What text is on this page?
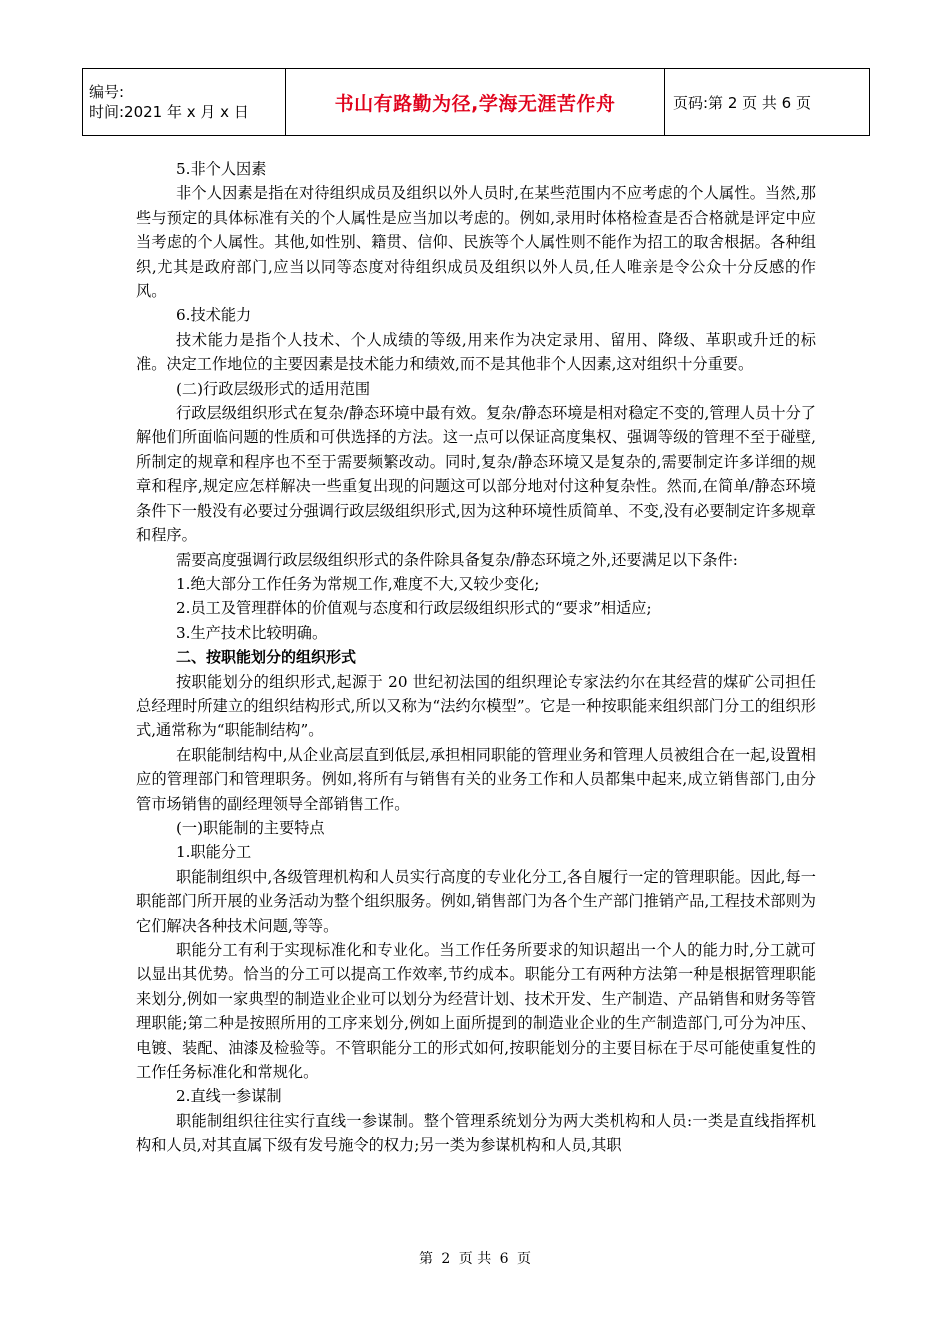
编号:
时间:2021 年 x 月 x 日	书山有路勤为径,学海无涯苦作舟	页码:第 2 页 共 6 页

5.非个人因素

非个人因素是指在对待组织成员及组织以外人员时,在某些范围内不应考虑的个人属性。当然,那些与预定的具体标准有关的个人属性是应当加以考虑的。例如,录用时体格检查是否合格就是评定中应当考虑的个人属性。其他,如性别、籍贯、信仰、民族等个人属性则不能作为招工的取舍根据。各种组织,尤其是政府部门,应当以同等态度对待组织成员及组织以外人员,任人唯亲是令公众十分反感的作风。

6.技术能力

技术能力是指个人技术、个人成绩的等级,用来作为决定录用、留用、降级、革职或升迁的标准。决定工作地位的主要因素是技术能力和绩效,而不是其他非个人因素,这对组织十分重要。

(二)行政层级形式的适用范围

行政层级组织形式在复杂/静态环境中最有效。复杂/静态环境是相对稳定不变的,管理人员十分了解他们所面临问题的性质和可供选择的方法。这一点可以保证高度集权、强调等级的管理不至于碰壁,所制定的规章和程序也不至于需要频繁改动。同时,复杂/静态环境又是复杂的,需要制定许多详细的规章和程序,规定应怎样解决一些重复出现的问题这可以部分地对付这种复杂性。然而,在简单/静态环境条件下一般没有必要过分强调行政层级组织形式,因为这种环境性质简单、不变,没有必要制定许多规章和程序。

需要高度强调行政层级组织形式的条件除具备复杂/静态环境之外,还要满足以下条件:

1.绝大部分工作任务为常规工作,难度不大,又较少变化;

2.员工及管理群体的价值观与态度和行政层级组织形式的“要求”相适应;

3.生产技术比较明确。

二、按职能划分的组织形式

按职能划分的组织形式,起源于 20 世纪初法国的组织理论专家法约尔在其经营的煤矿公司担任总经理时所建立的组织结构形式,所以又称为“法约尔模型”。它是一种按职能来组织部门分工的组织形式,通常称为“职能制结构”。

在职能制结构中,从企业高层直到低层,承担相同职能的管理业务和管理人员被组合在一起,设置相应的管理部门和管理职务。例如,将所有与销售有关的业务工作和人员都集中起来,成立销售部门,由分管市场销售的副经理领导全部销售工作。

(一)职能制的主要特点

1.职能分工

职能制组织中,各级管理机构和人员实行高度的专业化分工,各自履行一定的管理职能。因此,每一职能部门所开展的业务活动为整个组织服务。例如,销售部门为各个生产部门推销产品,工程技术部则为它们解决各种技术问题,等等。

职能分工有利于实现标准化和专业化。当工作任务所要求的知识超出一个人的能力时,分工就可以显出其优势。恰当的分工可以提高工作效率,节约成本。职能分工有两种方法第一种是根据管理职能来划分,例如一家典型的制造业企业可以划分为经营计划、技术开发、生产制造、产品销售和财务等管理职能;第二种是按照所用的工序来划分,例如上面所提到的制造业企业的生产制造部门,可分为冲压、电镀、装配、油漆及检验等。不管职能分工的形式如何,按职能划分的主要目标在于尽可能使重复性的工作任务标准化和常规化。

2.直线一参谋制

职能制组织往往实行直线一参谋制。整个管理系统划分为两大类机构和人员:一类是直线指挥机构和人员,对其直属下级有发号施令的权力;另一类为参谋机构和人员,其职

第 2 页 共 6 页
